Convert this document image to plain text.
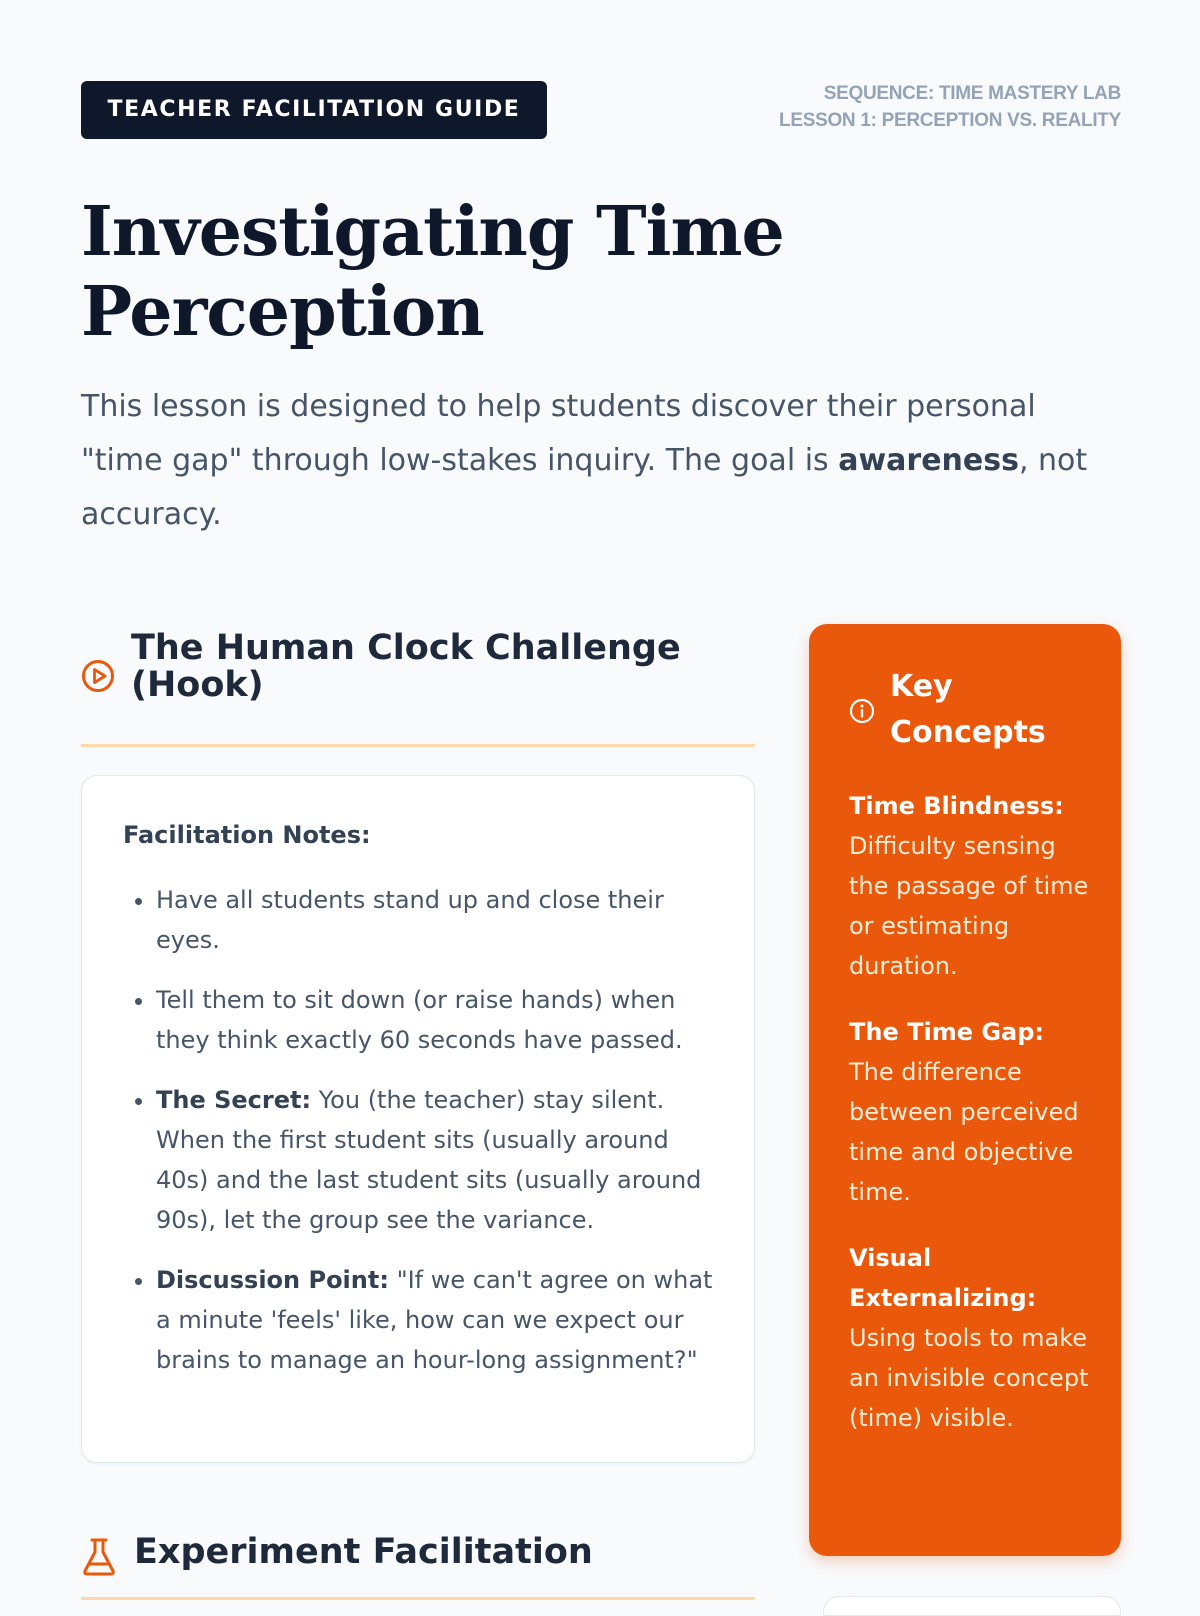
TEACHER FACILITATION GUIDE
SEQUENCE: TIME MASTERY LAB
LESSON 1: PERCEPTION VS. REALITY
Investigating Time Perception

This lesson is designed to help students discover their personal "time gap" through low-stakes inquiry. The goal is awareness, not accuracy.

The Human Clock Challenge (Hook)
Facilitation Notes:
• Have all students stand up and close their eyes.
• Tell them to sit down (or raise hands) when they think exactly 60 seconds have passed.
• The Secret: You (the teacher) stay silent. When the first student sits (usually around 40s) and the last student sits (usually around 90s), let the group see the variance.
• Discussion Point: "If we can't agree on what a minute 'feels' like, how can we expect our brains to manage an hour-long assignment?"
Experiment Facilitation
Key Concepts
Time Blindness: Difficulty sensing the passage of time or estimating duration.
The Time Gap: The difference between perceived time and objective time.
Visual Externalizing: Using tools to make an invisible concept (time) visible.
